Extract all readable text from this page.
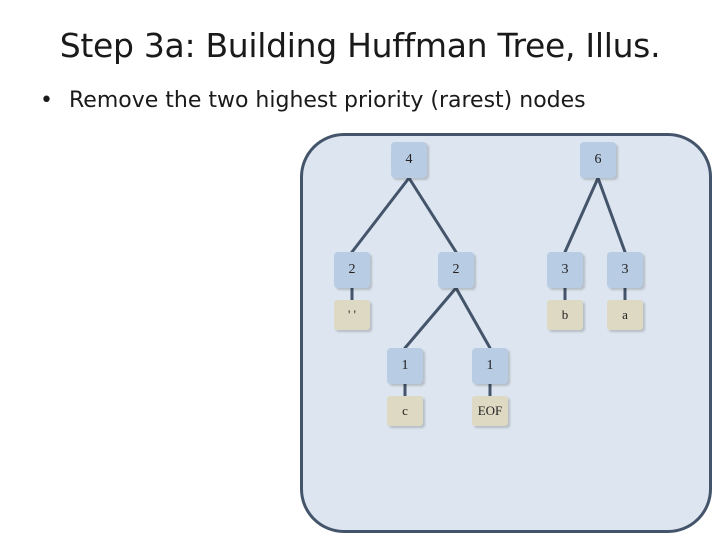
Step 3a: Building Huffman Tree, Illus.
• Remove the two highest priority (rarest) nodes
4	6
2	2	3	3
' '	b	a
1	1
c	EOF
